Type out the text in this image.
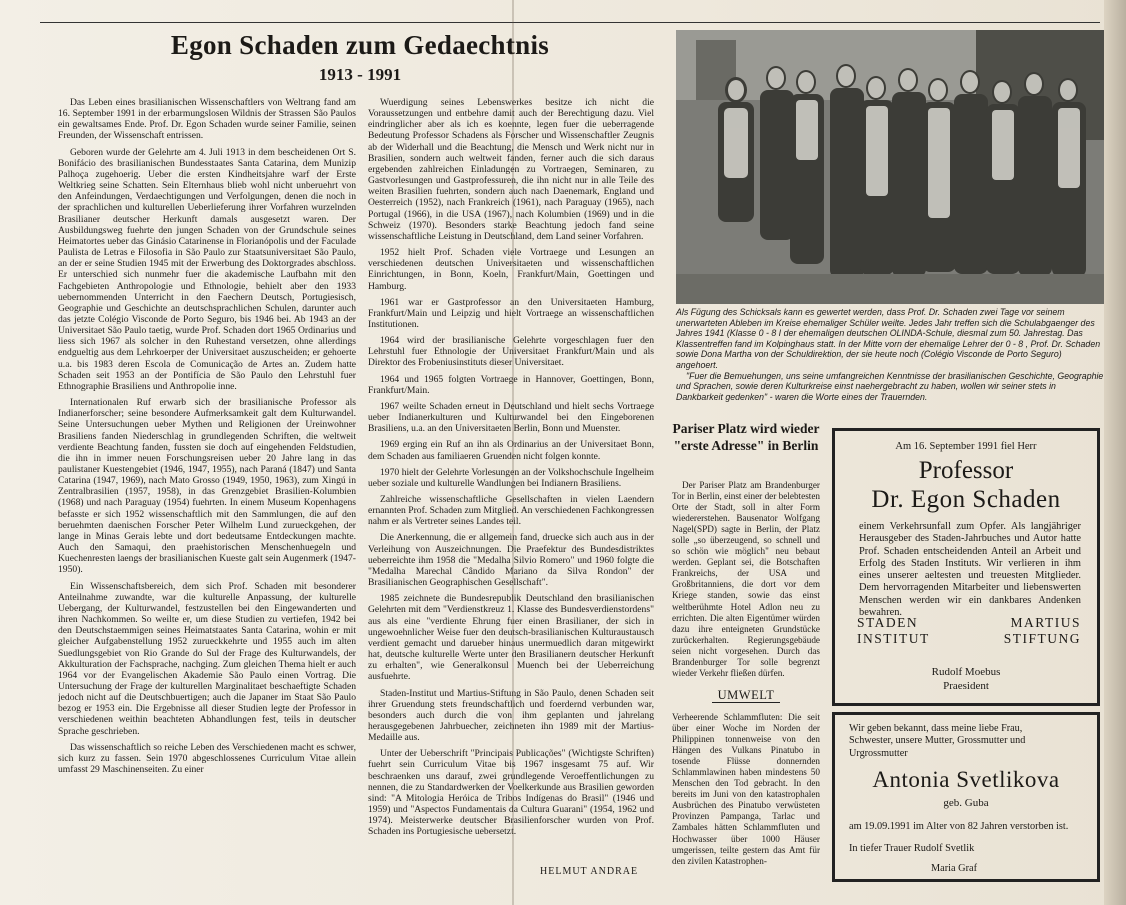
Egon Schaden zum Gedaechtnis
1913 - 1991

Das Leben eines brasilianischen Wissenschaftlers von Weltrang fand am 16. September 1991 in der erbarmungslosen Wildnis der Strassen São Paulos ein gewaltsames Ende. Prof. Dr. Egon Schaden wurde seiner Familie, seinen Freunden, der Wissenschaft entrissen.

Geboren wurde der Gelehrte am 4. Juli 1913 in dem bescheidenen Ort S. Bonifácio des brasilianischen Bundesstaates Santa Catarina, dem Munizip Palhoça zugehoerig. Ueber die ersten Kindheitsjahre warf der Erste Weltkrieg seine Schatten. Sein Elternhaus blieb wohl nicht unberuehrt von den Anfeindungen, Verdaechtigungen und Verfolgungen, denen die noch in der sprachlichen und kulturellen Ueberlieferung ihrer Vorfahren wurzelnden Brasilianer deutscher Herkunft damals ausgesetzt waren. Der Ausbildungsweg fuehrte den jungen Schaden von der Grundschule seines Heimatortes ueber das Ginásio Catarinense in Florianópolis und der Faculade Paulista de Letras e Filosofia in São Paulo zur Staatsuniversitaet São Paulo, an der er seine Studien 1945 mit der Erwerbung des Doktorgrades abschloss. Er unterschied sich nunmehr fuer die akademische Laufbahn mit den Fachgebieten Anthropologie und Ethnologie, behielt aber den 1933 uebernommenden Unterricht in den Faechern Deutsch, Portugiesisch, Geographie und Geschichte an deutschsprachlichen Schulen, darunter auch das jetzte Colégio Visconde de Porto Seguro, bis 1946 bei. Ab 1943 an der Universitaet São Paulo taetig, wurde Prof. Schaden dort 1965 Ordinarius und liess sich 1967 als solcher in den Ruhestand versetzen, ohne allerdings endgueltig aus dem Lehrkoerper der Universitaet auszuscheiden; er gehoerte u.a. bis 1983 deren Escola de Comunicação de Artes an. Zudem hatte Schaden seit 1953 an der Pontifícia de São Paulo den Lehrstuhl fuer Ethnographie Brasiliens und Anthropolie inne.

Internationalen Ruf erwarb sich der brasilianische Professor als Indianerforscher; seine besondere Aufmerksamkeit galt dem Kulturwandel. Seine Untersuchungen ueber Mythen und Religionen der Ureinwohner Brasiliens fanden Niederschlag in grundlegenden Schriften, die weltweit verdiente Beachtung fanden, fussten sie doch auf eingehenden Feldstudien, die ihn in immer neuen Forschungsreisen ueber 20 Jahre lang in das paulistaner Kuestengebiet (1946, 1947, 1955), nach Paraná (1847) und Santa Catarina (1947, 1969), nach Mato Grosso (1949, 1950, 1963), zum Xingú in Zentralbrasilien (1957, 1958), in das Grenzgebiet Brasilien-Kolumbien (1968) und nach Paraguay (1954) fuehrten. In einem Museum Kopenhagens befasste er sich 1952 wissenschaftlich mit den Sammlungen, die auf den beruehmten daenischen Forscher Peter Wilhelm Lund zurueckgehen, der lange in Minas Gerais lebte und dort bedeutsame Entdeckungen machte. Auch den Samaqui, den praehistorischen Menschenhuegeln und Kuechenresten laengs der brasilianischen Kueste galt sein Augenmerk (1947-1950).

Ein Wissenschaftsbereich, dem sich Prof. Schaden mit besonderer Anteilnahme zuwandte, war die kulturelle Anpassung, der kulturelle Uebergang, der Kulturwandel, festzustellen bei den Eingewanderten und ihren Nachkommen. So weilte er, um diese Studien zu vertiefen, 1942 bei den Deutschstaemmigen seines Heimatstaates Santa Catarina, wohin er mit gleicher Aufgabenstellung 1952 zurueckkehrte und 1955 auch im alten Suedlungsgebiet von Rio Grande do Sul der Frage des Kulturwandels, der Akkulturation der Fachsprache, nachging. Zum gleichen Thema hielt er auch 1964 vor der Evangelischen Akademie São Paulo einen Vortrag. Die Untersuchung der Frage der kulturellen Marginalitaet beschaeftigte Schaden jedoch nicht auf die Deutschbuertigen; auch die Japaner im Staat São Paulo bezog er 1953 ein. Die Ergebnisse all dieser Studien legte der Professor in verschiedenen weithin beachteten Abhandlungen fest, teils in deutscher Sprache geschrieben.

Das wissenschaftlich so reiche Leben des Verschiedenen macht es schwer, sich kurz zu fassen. Sein 1970 abgeschlossenes Curriculum Vitae allein umfasst 29 Maschinenseiten. Zu einer

Wuerdigung seines Lebenswerkes besitze ich nicht die Voraussetzungen und entbehre damit auch der Berechtigung dazu. Viel eindringlicher aber als ich es koennte, legen fuer die ueberragende Bedeutung Professor Schadens als Forscher und Wissenschaftler Zeugnis ab der Widerhall und die Beachtung, die Mensch und Werk nicht nur in Brasilien, sondern auch weltweit fanden, ferner auch die sich daraus ergebenden zahlreichen Einladungen zu Vortraegen, Seminaren, zu Gastvorlesungen und Gastprofessuren, die ihn nicht nur in alle Teile des weiten Brasilien fuehrten, sondern auch nach Daenemark, England und Oesterreich (1952), nach Frankreich (1961), nach Paraguay (1965), nach Portugal (1966), in die USA (1967), nach Kolumbien (1969) und in die Schweiz (1970). Besonders starke Beachtung jedoch fand seine wissenschaftliche Leistung in Deutschland, dem Land seiner Vorfahren.

1952 hielt Prof. Schaden viele Vortraege und Lesungen an verschiedenen deutschen Universitaeten und wissenschaftlichen Einrichtungen, in Bonn, Koeln, Frankfurt/Main, Goettingen und Hamburg.

1961 war er Gastprofessor an den Universitaeten Hamburg, Frankfurt/Main und Leipzig und hielt Vortraege an wissenschaftlichen Institutionen.

1964 wird der brasilianische Gelehrte vorgeschlagen fuer den Lehrstuhl fuer Ethnologie der Universitaet Frankfurt/Main und als Direktor des Frobeniusinstituts dieser Universitaet.

1964 und 1965 folgten Vortraege in Hannover, Goettingen, Bonn, Frankfurt/Main.

1967 weilte Schaden erneut in Deutschland und hielt sechs Vortraege ueber Indianerkulturen und Kulturwandel bei den Eingeborenen Brasiliens, u.a. an den Universitaeten Berlin, Bonn und Muenster.

1969 erging ein Ruf an ihn als Ordinarius an der Universitaet Bonn, dem Schaden aus familiaeren Gruenden nicht folgen konnte.

1970 hielt der Gelehrte Vorlesungen an der Volkshochschule Ingelheim ueber soziale und kulturelle Wandlungen bei Indianern Brasiliens.

Zahlreiche wissenschaftliche Gesellschaften in vielen Laendern ernannten Prof. Schaden zum Mitglied. An verschiedenen Fachkongressen nahm er als Vertreter seines Landes teil.

Die Anerkennung, die er allgemein fand, druecke sich auch aus in der Verleihung von Auszeichnungen. Die Praefektur des Bundesdistriktes ueberreichte ihm 1958 die "Medalha Silvio Romero" und 1960 folgte die "Medalha Marechal Cândido Mariano da Silva Rondon" der Brasilianischen Geographischen Gesellschaft".

1985 zeichnete die Bundesrepublik Deutschland den brasilianischen Gelehrten mit dem "Verdienstkreuz 1. Klasse des Bundesverdienstordens" aus als eine "verdiente Ehrung fuer einen Brasilianer, der sich in ungewoehnlicher Weise fuer den deutsch-brasilianischen Kulturaustausch verdient gemacht und darueber hinaus unermuedlich daran mitgewirkt hat, deutsche kulturelle Werte unter den Brasilianern deutscher Herkunft zu erhalten", wie Generalkonsul Muench bei der Ueberreichung ausfuehrte.

Staden-Institut und Martius-Stiftung in São Paulo, denen Schaden seit ihrer Gruendung stets freundschaftlich und foerdernd verbunden war, besonders auch durch die von ihm geplanten und jahrelang herausgegebenen Jahrbuecher, zeichneten ihn 1989 mit der Martius-Medaille aus.

Unter der Ueberschrift "Principais Publicações" (Wichtigste Schriften) fuehrt sein Curriculum Vitae bis 1967 insgesamt 75 auf. Wir beschraenken uns darauf, zwei grundlegende Veroeffentlichungen zu nennen, die zu Standardwerken der Voelkerkunde aus Brasilien geworden sind: "A Mitologia Heróica de Tribos Indígenas do Brasil" (1946 und 1959) und "Aspectos Fundamentais da Cultura Guarani" (1954, 1962 und 1974). Meisterwerke deutscher Brasilienforscher wurden von Prof. Schaden ins Portugiesische uebersetzt.

HELMUT ANDRAE

Als Fügung des Schicksals kann es gewertet werden, dass Prof. Dr. Schaden zwei Tage vor seinem unerwarteten Ableben im Kreise ehemaliger Schüler weilte. Jedes Jahr treffen sich die Schulabgaenger des Jahres 1941 (Klasse 0 - 8 I der ehemaligen deutschen OLINDA-Schule, diesmal zum 50. Jahrestag. Das Klassentreffen fand im Kolpinghaus statt. In der Mitte vorn der ehemalige Lehrer der 0 - 8 , Prof. Dr. Schaden sowie Dona Martha von der Schuldirektion, der sie heute noch (Colégio Visconde de Porto Seguro) angehoert.

"Fuer die Bemuehungen, uns seine umfangreichen Kenntnisse der brasilianischen Geschichte, Geographie und Sprachen, sowie deren Kulturkreise einst naehergebracht zu haben, wollen wir seiner stets in Dankbarkeit gedenken" - waren die Worte eines der Trauernden.

Pariser Platz wird wieder "erste Adresse" in Berlin

Der Pariser Platz am Brandenburger Tor in Berlin, einst einer der belebtesten Orte der Stadt, soll in alter Form wiedererstehen. Bausenator Wolfgang Nagel(SPD) sagte in Berlin, der Platz solle „so überzeugend, so schnell und so schön wie möglich" neu bebaut werden. Geplant sei, die Botschaften Frankreichs, der USA und Großbritanniens, die dort vor dem Kriege standen, sowie das einst weltberühmte Hotel Adlon neu zu errichten. Die alten Eigentümer würden dazu ihre enteigneten Grundstücke zurückerhalten. Regierungsgebäude seien nicht vorgesehen. Durch das Brandenburger Tor solle begrenzt wieder Verkehr fließen dürfen.

UMWELT

Verheerende Schlammfluten: Die seit über einer Woche im Norden der Philippinen tonnenweise von den Hängen des Vulkans Pinatubo in tosende Flüsse donnernden Schlammlawinen haben mindestens 50 Menschen den Tod gebracht. In den bereits im Juni von den katastrophalen Ausbrüchen des Pinatubo verwüsteten Provinzen Pampanga, Tarlac und Zambales hätten Schlammfluten und Hochwasser über 1000 Häuser umgerissen, teilte gestern das Amt für den zivilen Katastrophen-

Am 16. September 1991 fiel Herr
Professor
Dr. Egon Schaden
einem Verkehrsunfall zum Opfer. Als langjähriger Herausgeber des Staden-Jahrbuches und Autor hatte Prof. Schaden entscheidenden Anteil an Arbeit und Erfolg des Staden Instituts. Wir verlieren in ihm eines unserer aeltesten und treuesten Mitglieder. Dem hervorragenden Mitarbeiter und liebenswerten Menschen werden wir ein dankbares Andenken bewahren.
STADEN
INSTITUT
MARTIUS
STIFTUNG
Rudolf Moebus
Praesident
Wir geben bekannt, dass meine liebe Frau, Schwester, unsere Mutter, Grossmutter und Urgrossmutter
Antonia Svetlikova
geb. Guba
am 19.09.1991 im Alter von 82 Jahren verstorben ist.
In tiefer Trauer Rudolf Svetlik
Maria Graf
